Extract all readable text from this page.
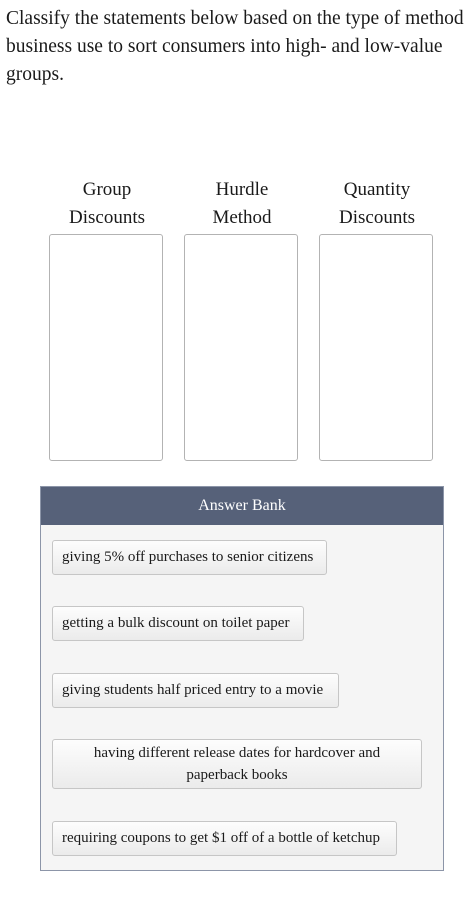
Classify the statements below based on the type of method business use to sort consumers into high- and low-value groups.
Group
Discounts
Hurdle
Method
Quantity
Discounts
Answer Bank
giving 5% off purchases to senior citizens
getting a bulk discount on toilet paper
giving students half priced entry to a movie
having different release dates for hardcover and paperback books
requiring coupons to get $1 off of a bottle of ketchup
